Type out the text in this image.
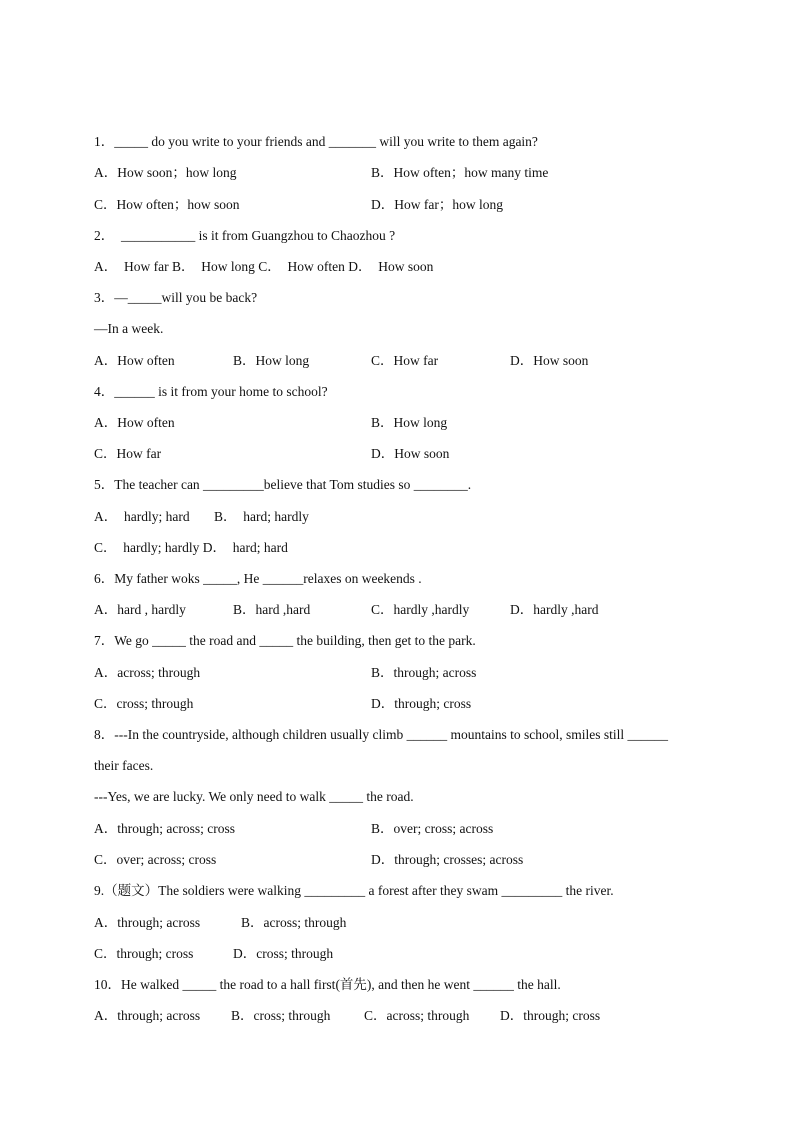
1．_____ do you write to your friends and _______ will you write to them again?
A．How soon；how long	B．How often；how many time
C．How often；how soon	D．How far；how long
2．  ___________ is it from Guangzhou to Chaozhou ?
A．  How far B．  How long C．  How often D．  How soon
3．—_____will you be back?
—In a week.
A．How often	B．How long	C．How far	D．How soon
4．______ is it from your home to school?
A．How often	B．How long
C．How far	D．How soon
5．The teacher can _________believe that Tom studies so ________.
A．  hardly; hard B．  hard; hardly
C．  hardly; hardly D．  hard; hard
6．My father woks _____, He ______relaxes on weekends .
A．hard , hardly	B．hard ,hard	C．hardly ,hardly	D．hardly ,hard
7．We go _____ the road and _____ the building, then get to the park.
A．across; through	B．through; across
C．cross; through	D．through; cross
8．---In the countryside, although children usually climb ______ mountains to school, smiles still ______
their faces.
---Yes, we are lucky. We only need to walk _____ the road.
A．through; across; cross	B．over; cross; across
C．over; across; cross	D．through; crosses; across
9.（题文）The soldiers were walking _________ a forest after they swam _________ the river.
A．through; across	B．across; through
C．through; cross	D．cross; through
10．He walked _____ the road to a hall first(首先), and then he went ______ the hall.
A．through; across B．cross; through C．across; through D．through; cross
